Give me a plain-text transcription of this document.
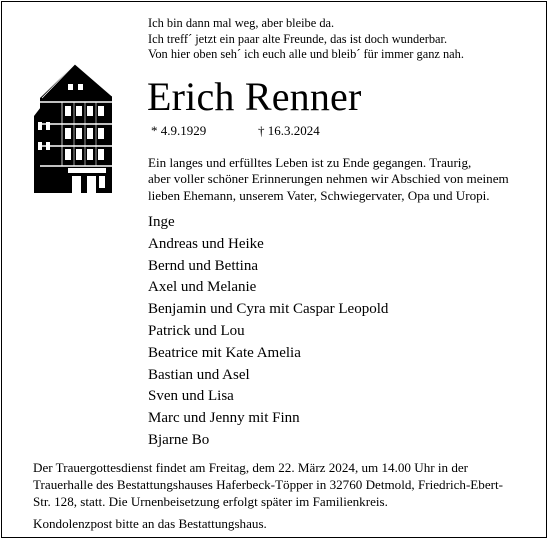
Ich bin dann mal weg, aber bleibe da.
Ich treff´ jetzt ein paar alte Freunde, das ist doch wunderbar.
Von hier oben seh´ ich euch alle und bleib´ für immer ganz nah.
Erich Renner
* 4.9.1929	† 16.3.2024
Ein langes und erfülltes Leben ist zu Ende gegangen. Traurig,
aber voller schöner Erinnerungen nehmen wir Abschied von meinem
lieben Ehemann, unserem Vater, Schwiegervater, Opa und Uropi.
Inge
Andreas und Heike
Bernd und Bettina
Axel und Melanie
Benjamin und Cyra mit Caspar Leopold
Patrick und Lou
Beatrice mit Kate Amelia
Bastian und Asel
Sven und Lisa
Marc und Jenny mit Finn
Bjarne Bo
Der Trauergottesdienst findet am Freitag, dem 22. März 2024, um 14.00 Uhr in der
Trauerhalle des Bestattungshauses Haferbeck-Töpper in 32760 Detmold, Friedrich-Ebert-
Str. 128, statt. Die Urnenbeisetzung erfolgt später im Familienkreis.
Kondolenzpost bitte an das Bestattungshaus.
